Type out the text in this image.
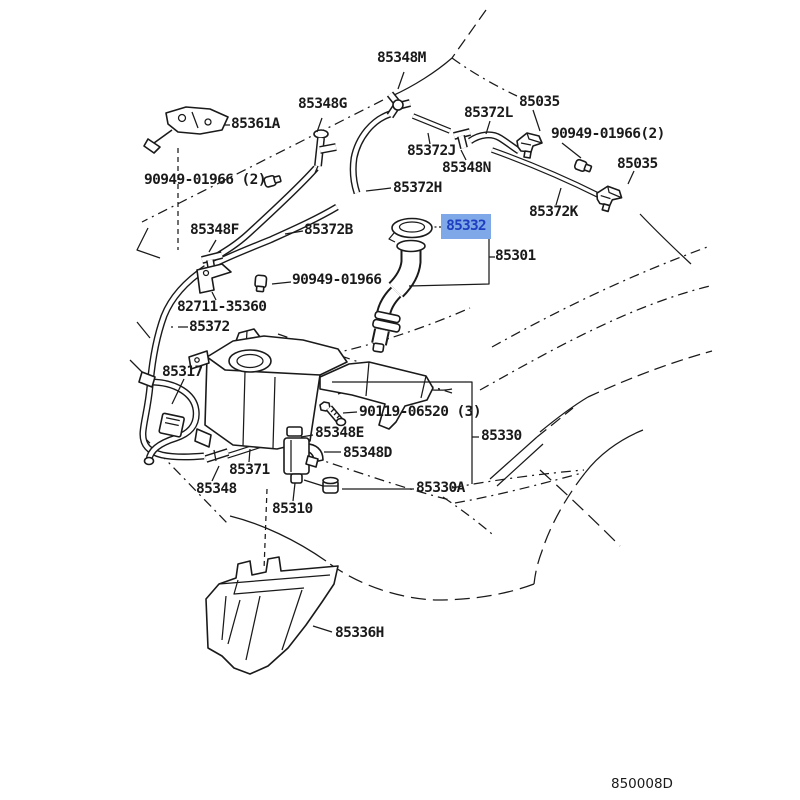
85348M
85348G
85372L
85035
90949-01966(2)
85361A
85372J
85348N	85035
90949-01966 (2)	85372H
85372K
85348F	85372B	85332
85301
90949-01966
82711-35360
85372
85317
90119-06520 (3)
85348E	85330
85348D
85371
85348	85330A
85310
85336H
850008D
